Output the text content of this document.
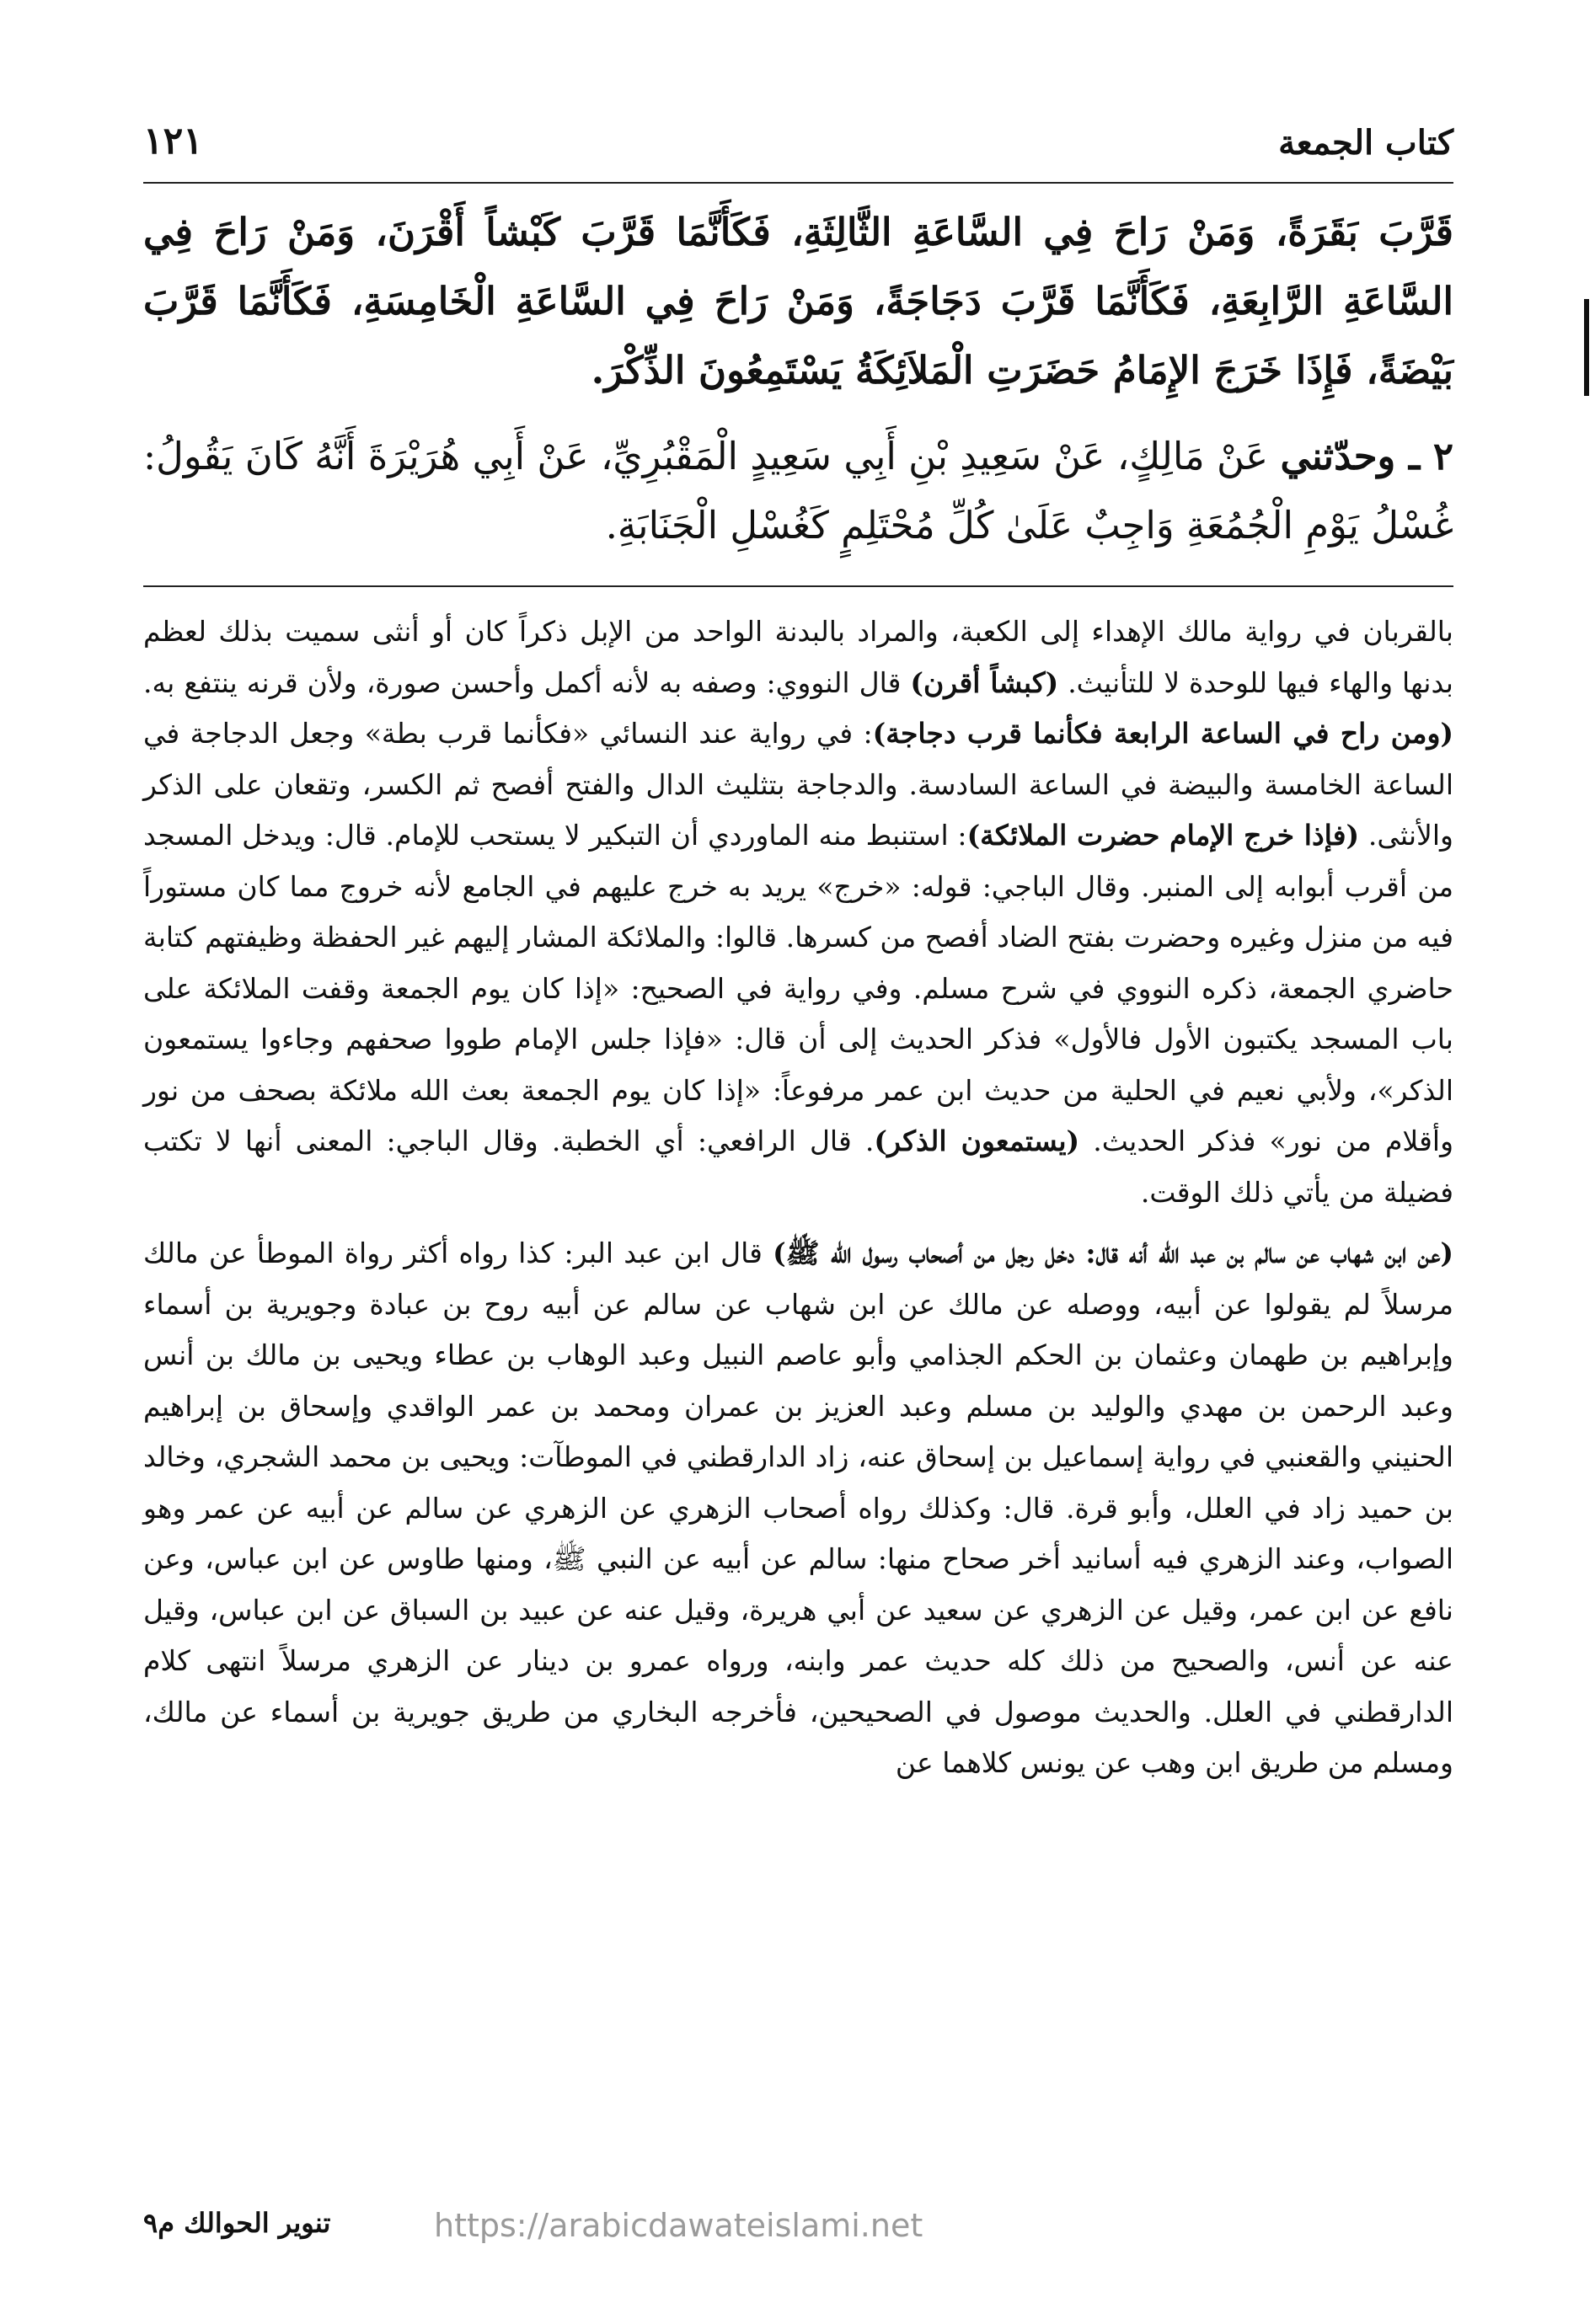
كتاب الجمعة
١٢١

قَرَّبَ بَقَرَةً، وَمَنْ رَاحَ فِي السَّاعَةِ الثَّالِثَةِ، فَكَأَنَّمَا قَرَّبَ كَبْشاً أَقْرَنَ، وَمَنْ رَاحَ فِي السَّاعَةِ الرَّابِعَةِ، فَكَأَنَّمَا قَرَّبَ دَجَاجَةً، وَمَنْ رَاحَ فِي السَّاعَةِ الْخَامِسَةِ، فَكَأَنَّمَا قَرَّبَ بَيْضَةً، فَإِذَا خَرَجَ الإِمَامُ حَضَرَتِ الْمَلاَئِكَةُ يَسْتَمِعُونَ الذِّكْرَ.

٢ ـ وحدّثني عَنْ مَالِكٍ، عَنْ سَعِيدِ بْنِ أَبِي سَعِيدٍ الْمَقْبُرِيِّ، عَنْ أَبِي هُرَيْرَةَ أَنَّهُ كَانَ يَقُولُ: غُسْلُ يَوْمِ الْجُمُعَةِ وَاجِبٌ عَلَىٰ كُلِّ مُحْتَلِمٍ كَغُسْلِ الْجَنَابَةِ.

بالقربان في رواية مالك الإهداء إلى الكعبة، والمراد بالبدنة الواحد من الإبل ذكراً كان أو أنثى سميت بذلك لعظم بدنها والهاء فيها للوحدة لا للتأنيث. (كبشاً أقرن) قال النووي: وصفه به لأنه أكمل وأحسن صورة، ولأن قرنه ينتفع به. (ومن راح في الساعة الرابعة فكأنما قرب دجاجة): في رواية عند النسائي «فكأنما قرب بطة» وجعل الدجاجة في الساعة الخامسة والبيضة في الساعة السادسة. والدجاجة بتثليث الدال والفتح أفصح ثم الكسر، وتقعان على الذكر والأنثى. (فإذا خرج الإمام حضرت الملائكة): استنبط منه الماوردي أن التبكير لا يستحب للإمام. قال: ويدخل المسجد من أقرب أبوابه إلى المنبر. وقال الباجي: قوله: «خرج» يريد به خرج عليهم في الجامع لأنه خروج مما كان مستوراً فيه من منزل وغيره وحضرت بفتح الضاد أفصح من كسرها. قالوا: والملائكة المشار إليهم غير الحفظة وظيفتهم كتابة حاضري الجمعة، ذكره النووي في شرح مسلم. وفي رواية في الصحيح: «إذا كان يوم الجمعة وقفت الملائكة على باب المسجد يكتبون الأول فالأول» فذكر الحديث إلى أن قال: «فإذا جلس الإمام طووا صحفهم وجاءوا يستمعون الذكر»، ولأبي نعيم في الحلية من حديث ابن عمر مرفوعاً: «إذا كان يوم الجمعة بعث الله ملائكة بصحف من نور وأقلام من نور» فذكر الحديث. (يستمعون الذكر). قال الرافعي: أي الخطبة. وقال الباجي: المعنى أنها لا تكتب فضيلة من يأتي ذلك الوقت.

(عن ابن شهاب عن سالم بن عبد الله أنه قال: دخل رجل من أصحاب رسول الله ﷺ) قال ابن عبد البر: كذا رواه أكثر رواة الموطأ عن مالك مرسلاً لم يقولوا عن أبيه، ووصله عن مالك عن ابن شهاب عن سالم عن أبيه روح بن عبادة وجويرية بن أسماء وإبراهيم بن طهمان وعثمان بن الحكم الجذامي وأبو عاصم النبيل وعبد الوهاب بن عطاء ويحيى بن مالك بن أنس وعبد الرحمن بن مهدي والوليد بن مسلم وعبد العزيز بن عمران ومحمد بن عمر الواقدي وإسحاق بن إبراهيم الحنيني والقعنبي في رواية إسماعيل بن إسحاق عنه، زاد الدارقطني في الموطآت: ويحيى بن محمد الشجري، وخالد بن حميد زاد في العلل، وأبو قرة. قال: وكذلك رواه أصحاب الزهري عن الزهري عن سالم عن أبيه عن عمر وهو الصواب، وعند الزهري فيه أسانيد أخر صحاح منها: سالم عن أبيه عن النبي ﷺ، ومنها طاوس عن ابن عباس، وعن نافع عن ابن عمر، وقيل عن الزهري عن سعيد عن أبي هريرة، وقيل عنه عن عبيد بن السباق عن ابن عباس، وقيل عنه عن أنس، والصحيح من ذلك كله حديث عمر وابنه، ورواه عمرو بن دينار عن الزهري مرسلاً انتهى كلام الدارقطني في العلل. والحديث موصول في الصحيحين، فأخرجه البخاري من طريق جويرية بن أسماء عن مالك، ومسلم من طريق ابن وهب عن يونس كلاهما عن

تنوير الحوالك م٩	https://arabicdawateislami.net
